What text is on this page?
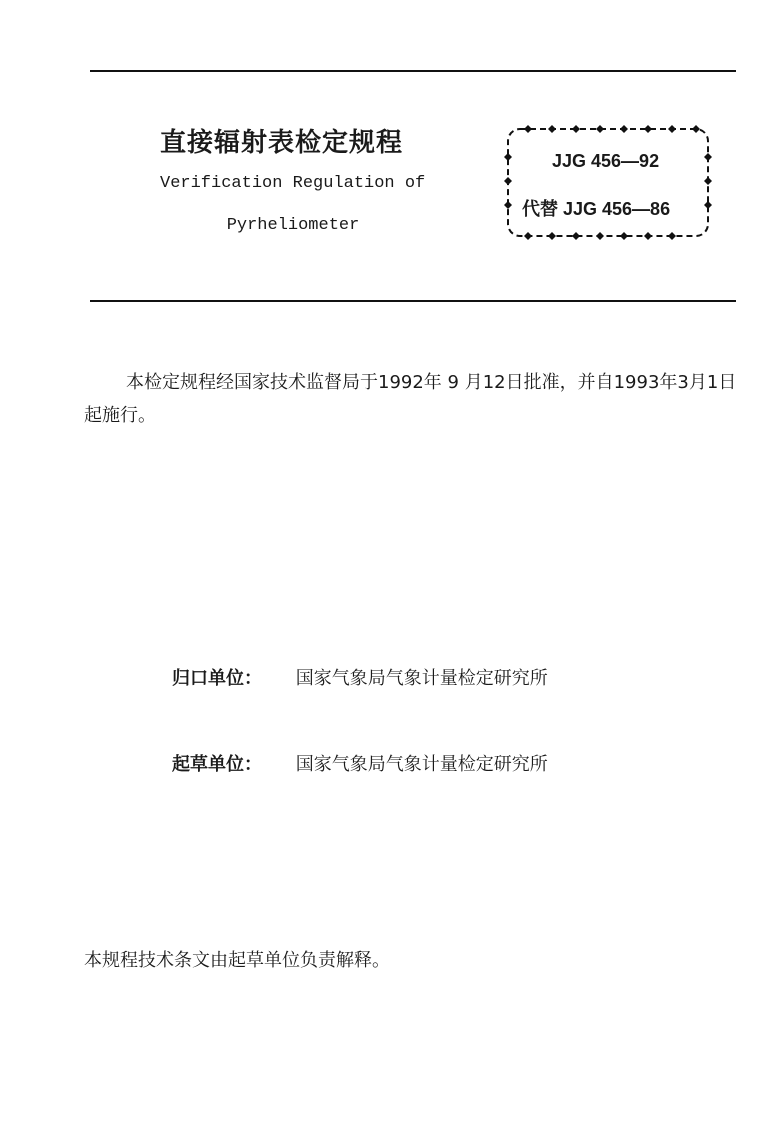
直接辐射表检定规程
Verification Regulation of
Pyrheliometer
JJG 456—92
代替 JJG 456—86
本检定规程经国家技术监督局于1992年 9 月12日批准，并自1993年3月1日起施行。
归口单位： 国家气象局气象计量检定研究所
起草单位： 国家气象局气象计量检定研究所
本规程技术条文由起草单位负责解释。
